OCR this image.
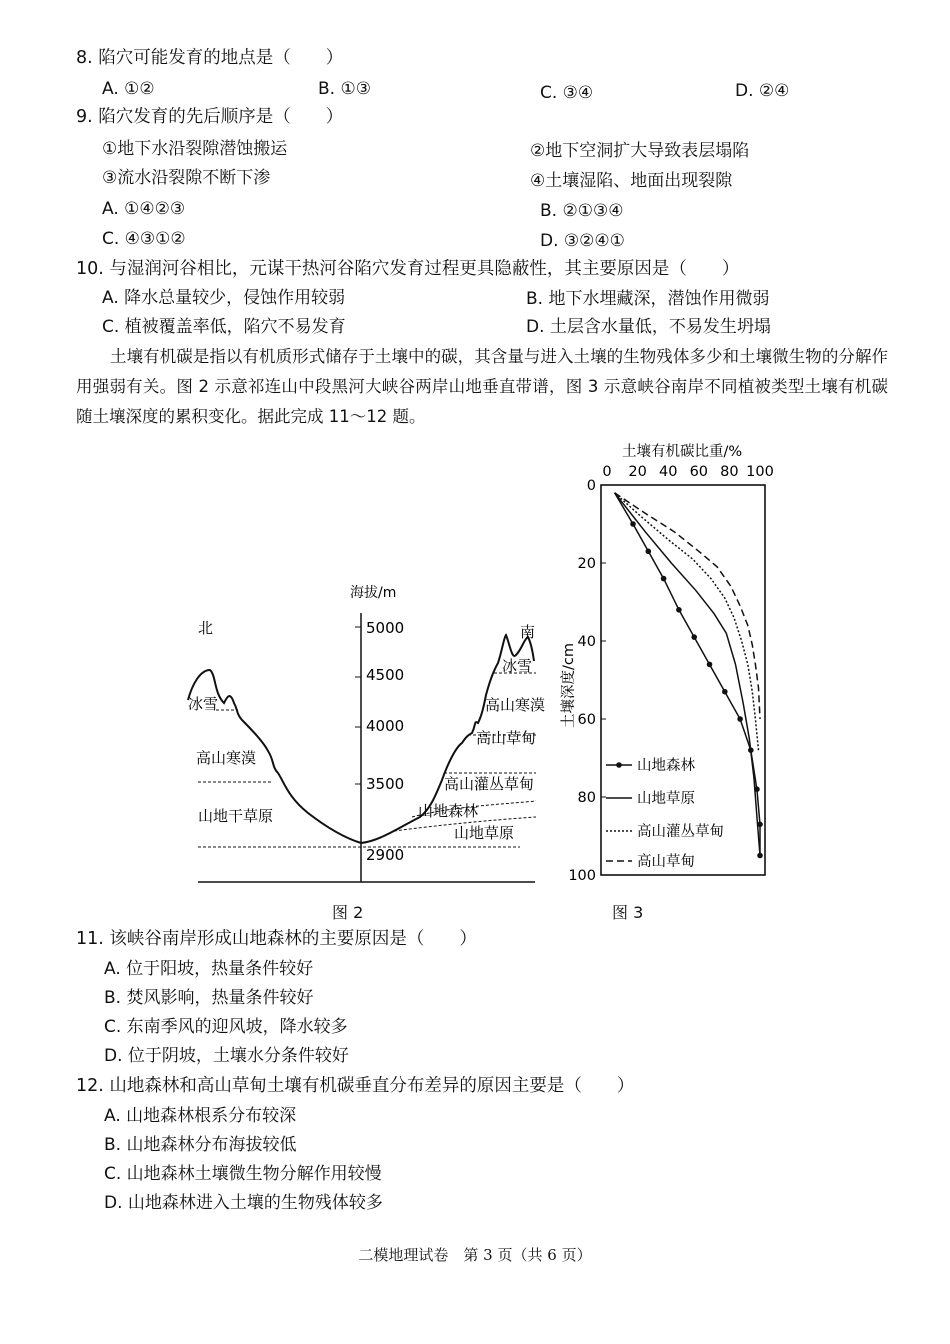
8. 陷穴可能发育的地点是（　　）
A. ①②	B. ①③	C. ③④	D. ②④
9. 陷穴发育的先后顺序是（　　）
①地下水沿裂隙潜蚀搬运	②地下空洞扩大导致表层塌陷
③流水沿裂隙不断下渗	④土壤湿陷、地面出现裂隙
A. ①④②③	B. ②①③④
C. ④③①②	D. ③②④①
10. 与湿润河谷相比，元谋干热河谷陷穴发育过程更具隐蔽性，其主要原因是（　　）
A. 降水总量较少，侵蚀作用较弱	B. 地下水埋藏深，潜蚀作用微弱
C. 植被覆盖率低，陷穴不易发育	D. 土层含水量低，不易发生坍塌
土壤有机碳是指以有机质形式储存于土壤中的碳，其含量与进入土壤的生物残体多少和土壤微生物的分解作用强弱有关。图 2 示意祁连山中段黑河大峡谷两岸山地垂直带谱，图 3 示意峡谷南岸不同植被类型土壤有机碳随土壤深度的累积变化。据此完成 11～12 题。
海拔/m
5000
4500
4000
3500
2900
北	南
冰雪
高山寒漠
山地干草原
冰雪
高山寒漠
高山草甸
高山灌丛草甸
山地森林
山地草原
图 2
土壤有机碳比重/%
0 20 40 60 80 100
0
20
40
60
80
100
土壤深度/cm
山地森林
山地草原
高山灌丛草甸
高山草甸
图 3
11. 该峡谷南岸形成山地森林的主要原因是（　　）
A. 位于阳坡，热量条件较好
B. 焚风影响，热量条件较好
C. 东南季风的迎风坡，降水较多
D. 位于阴坡，土壤水分条件较好
12. 山地森林和高山草甸土壤有机碳垂直分布差异的原因主要是（　　）
A. 山地森林根系分布较深
B. 山地森林分布海拔较低
C. 山地森林土壤微生物分解作用较慢
D. 山地森林进入土壤的生物残体较多
二模地理试卷　第 3 页（共 6 页）
